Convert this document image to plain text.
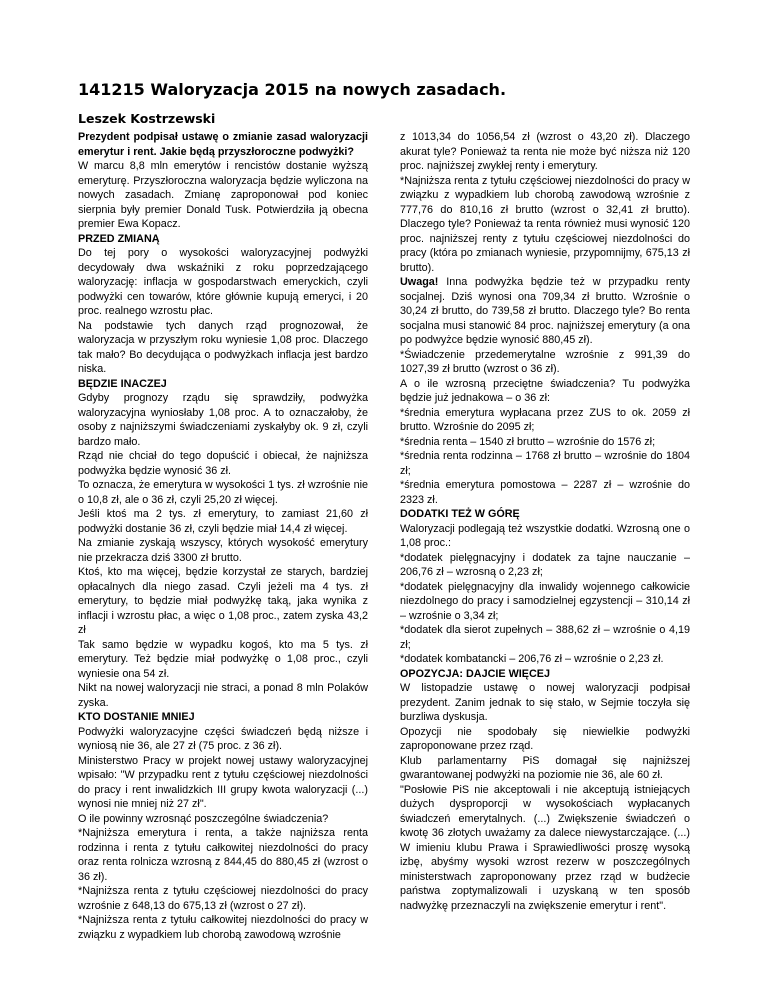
141215 Waloryzacja 2015 na nowych zasadach.
Leszek Kostrzewski

Prezydent podpisał ustawę o zmianie zasad waloryzacji emerytur i rent. Jakie będą przyszłoroczne podwyżki?

W marcu 8,8 mln emerytów i rencistów dostanie wyższą emeryturę. Przyszłoroczna waloryzacja będzie wyliczona na nowych zasadach. Zmianę zaproponował pod koniec sierpnia były premier Donald Tusk. Potwierdziła ją obecna premier Ewa Kopacz.

PRZED ZMIANĄ

Do tej pory o wysokości waloryzacyjnej podwyżki decydowały dwa wskaźniki z roku poprzedzającego waloryzację: inflacja w gospodarstwach emeryckich, czyli podwyżki cen towarów, które głównie kupują emeryci, i 20 proc. realnego wzrostu płac.

Na podstawie tych danych rząd prognozował, że waloryzacja w przyszłym roku wyniesie 1,08 proc. Dlaczego tak mało? Bo decydująca o podwyżkach inflacja jest bardzo niska.

BĘDZIE INACZEJ

Gdyby prognozy rządu się sprawdziły, podwyżka waloryzacyjna wyniosłaby 1,08 proc. A to oznaczałoby, że osoby z najniższymi świadczeniami zyskałyby ok. 9 zł, czyli bardzo mało.

Rząd nie chciał do tego dopuścić i obiecał, że najniższa podwyżka będzie wynosić 36 zł.

To oznacza, że emerytura w wysokości 1 tys. zł wzrośnie nie o 10,8 zł, ale o 36 zł, czyli 25,20 zł więcej.

Jeśli ktoś ma 2 tys. zł emerytury, to zamiast 21,60 zł podwyżki dostanie 36 zł, czyli będzie miał 14,4 zł więcej.

Na zmianie zyskają wszyscy, których wysokość emerytury nie przekracza dziś 3300 zł brutto.

Ktoś, kto ma więcej, będzie korzystał ze starych, bardziej opłacalnych dla niego zasad. Czyli jeżeli ma 4 tys. zł emerytury, to będzie miał podwyżkę taką, jaka wynika z inflacji i wzrostu płac, a więc o 1,08 proc., zatem zyska 43,2 zł

Tak samo będzie w wypadku kogoś, kto ma 5 tys. zł emerytury. Też będzie miał podwyżkę o 1,08 proc., czyli wyniesie ona 54 zł.

Nikt na nowej waloryzacji nie straci, a ponad 8 mln Polaków zyska.

KTO DOSTANIE MNIEJ

Podwyżki waloryzacyjne części świadczeń będą niższe i wyniosą nie 36, ale 27 zł (75 proc. z 36 zł).

Ministerstwo Pracy w projekt nowej ustawy waloryzacyjnej wpisało: "W przypadku rent z tytułu częściowej niezdolności do pracy i rent inwalidzkich III grupy kwota waloryzacji (...) wynosi nie mniej niż 27 zł".

O ile powinny wzrosnąć poszczególne świadczenia?

*Najniższa emerytura i renta, a także najniższa renta rodzinna i renta z tytułu całkowitej niezdolności do pracy oraz renta rolnicza wzrosną z 844,45 do 880,45 zł (wzrost o 36 zł).

*Najniższa renta z tytułu częściowej niezdolności do pracy wzrośnie z 648,13 do 675,13 zł (wzrost o 27 zł).

*Najniższa renta z tytułu całkowitej niezdolności do pracy w związku z wypadkiem lub chorobą zawodową wzrośnie

z 1013,34 do 1056,54 zł (wzrost o 43,20 zł). Dlaczego akurat tyle? Ponieważ ta renta nie może być niższa niż 120 proc. najniższej zwykłej renty i emerytury.

*Najniższa renta z tytułu częściowej niezdolności do pracy w związku z wypadkiem lub chorobą zawodową wzrośnie z 777,76 do 810,16 zł brutto (wzrost o 32,41 zł brutto). Dlaczego tyle? Ponieważ ta renta również musi wynosić 120 proc. najniższej renty z tytułu częściowej niezdolności do pracy (która po zmianach wyniesie, przypomnijmy, 675,13 zł brutto).

Uwaga! Inna podwyżka będzie też w przypadku renty socjalnej. Dziś wynosi ona 709,34 zł brutto. Wzrośnie o 30,24 zł brutto, do 739,58 zł brutto. Dlaczego tyle? Bo renta socjalna musi stanowić 84 proc. najniższej emerytury (a ona po podwyżce będzie wynosić 880,45 zł).

*Świadczenie przedemerytalne wzrośnie z 991,39 do 1027,39 zł brutto (wzrost o 36 zł).

A o ile wzrosną przeciętne świadczenia? Tu podwyżka będzie już jednakowa – o 36 zł:

*średnia emerytura wypłacana przez ZUS to ok. 2059 zł brutto. Wzrośnie do 2095 zł;

*średnia renta – 1540 zł brutto – wzrośnie do 1576 zł;

*średnia renta rodzinna – 1768 zł brutto – wzrośnie do 1804 zł;

*średnia emerytura pomostowa – 2287 zł – wzrośnie do 2323 zł.

DODATKI TEŻ W GÓRĘ

Waloryzacji podlegają też wszystkie dodatki. Wzrosną one o 1,08 proc.:

*dodatek pielęgnacyjny i dodatek za tajne nauczanie – 206,76 zł – wzrosną o 2,23 zł;

*dodatek pielęgnacyjny dla inwalidy wojennego całkowicie niezdolnego do pracy i samodzielnej egzystencji – 310,14 zł – wzrośnie o 3,34 zł;

*dodatek dla sierot zupełnych – 388,62 zł – wzrośnie o 4,19 zł;

*dodatek kombatancki – 206,76 zł – wzrośnie o 2,23 zł.

OPOZYCJA: DAJCIE WIĘCEJ

W listopadzie ustawę o nowej waloryzacji podpisał prezydent. Zanim jednak to się stało, w Sejmie toczyła się burzliwa dyskusja.

Opozycji nie spodobały się niewielkie podwyżki zaproponowane przez rząd.

Klub parlamentarny PiS domagał się najniższej gwarantowanej podwyżki na poziomie nie 36, ale 60 zł.

"Posłowie PiS nie akceptowali i nie akceptują istniejących dużych dysproporcji w wysokościach wypłacanych świadczeń emerytalnych. (...) Zwiększenie świadczeń o kwotę 36 złotych uważamy za dalece niewystarczające. (...) W imieniu klubu Prawa i Sprawiedliwości proszę wysoką izbę, abyśmy wysoki wzrost rezerw w poszczególnych ministerstwach zaproponowany przez rząd w budżecie państwa zoptymalizowali i uzyskaną w ten sposób nadwyżkę przeznaczyli na zwiększenie emerytur i rent".
